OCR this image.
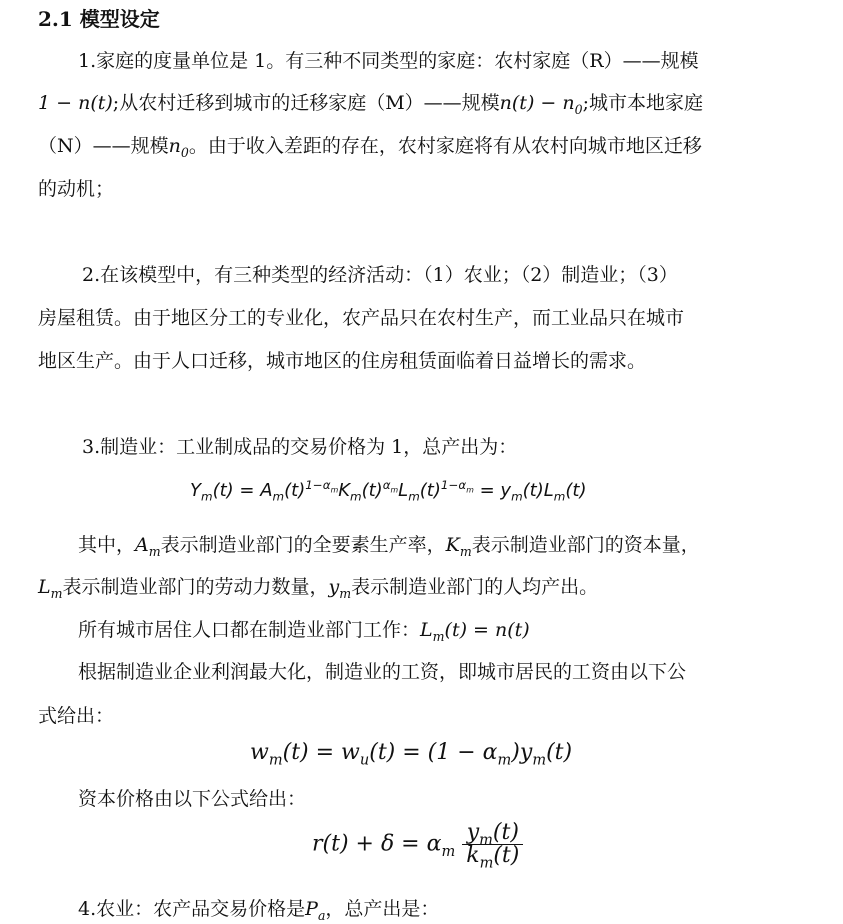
2.1 模型设定
1.家庭的度量单位是 1。有三种不同类型的家庭：农村家庭（R）——规模
1 − n(t);从农村迁移到城市的迁移家庭（M）——规模$n(t) - n_0$;城市本地家庭
（N）——规模$n_0$。由于收入差距的存在，农村家庭将有从农村向城市地区迁移
的动机；
2.在该模型中，有三种类型的经济活动：（1）农业；（2）制造业；（3）
房屋租赁。由于地区分工的专业化，农产品只在农村生产，而工业品只在城市
地区生产。由于人口迁移，城市地区的住房租赁面临着日益增长的需求。
3.制造业：工业制成品的交易价格为 1，总产出为：
$Y_m(t) = A_m(t)^{1-\alpha_m}K_m(t)^{\alpha_m}L_m(t)^{1-\alpha_m} = y_m(t)L_m(t)$
其中，$A_m$表示制造业部门的全要素生产率，$K_m$表示制造业部门的资本量，
$L_m$表示制造业部门的劳动力数量，$y_m$表示制造业部门的人均产出。
所有城市居住人口都在制造业部门工作：$L_m(t) = n(t)$
根据制造业企业利润最大化，制造业的工资，即城市居民的工资由以下公
式给出：
$w_m(t) = w_u(t) = (1 - \alpha_m)y_m(t)$
资本价格由以下公式给出：
$r(t) + \delta = \alpha_m \frac{y_m(t)}{k_m(t)}$
4.农业：农产品交易价格是$P_a$，总产出是：
